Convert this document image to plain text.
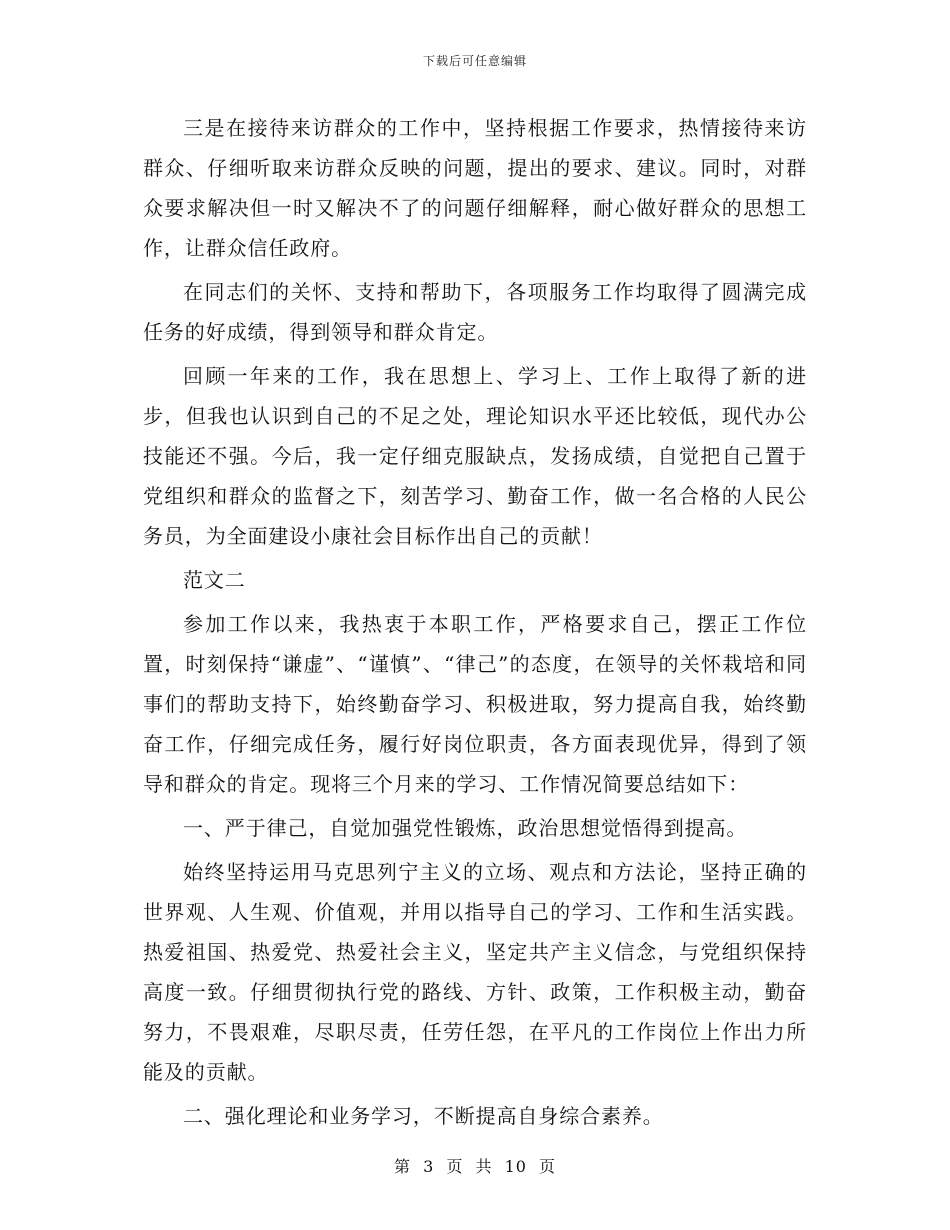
下载后可任意编辑

三是在接待来访群众的工作中，坚持根据工作要求，热情接待来访群众、仔细听取来访群众反映的问题，提出的要求、建议。同时，对群众要求解决但一时又解决不了的问题仔细解释，耐心做好群众的思想工作，让群众信任政府。

在同志们的关怀、支持和帮助下，各项服务工作均取得了圆满完成任务的好成绩，得到领导和群众肯定。

回顾一年来的工作，我在思想上、学习上、工作上取得了新的进步，但我也认识到自己的不足之处，理论知识水平还比较低，现代办公技能还不强。今后，我一定仔细克服缺点，发扬成绩，自觉把自己置于党组织和群众的监督之下，刻苦学习、勤奋工作，做一名合格的人民公务员，为全面建设小康社会目标作出自己的贡献！

范文二

参加工作以来，我热衷于本职工作，严格要求自己，摆正工作位置，时刻保持“谦虚”、“谨慎”、“律己”的态度，在领导的关怀栽培和同事们的帮助支持下，始终勤奋学习、积极进取，努力提高自我，始终勤奋工作，仔细完成任务，履行好岗位职责，各方面表现优异，得到了领导和群众的肯定。现将三个月来的学习、工作情况简要总结如下：

一、严于律己，自觉加强党性锻炼，政治思想觉悟得到提高。

始终坚持运用马克思列宁主义的立场、观点和方法论，坚持正确的世界观、人生观、价值观，并用以指导自己的学习、工作和生活实践。热爱祖国、热爱党、热爱社会主义，坚定共产主义信念，与党组织保持高度一致。仔细贯彻执行党的路线、方针、政策，工作积极主动，勤奋努力，不畏艰难，尽职尽责，任劳任怨，在平凡的工作岗位上作出力所能及的贡献。

二、强化理论和业务学习，不断提高自身综合素养。

第 3 页 共 10 页
